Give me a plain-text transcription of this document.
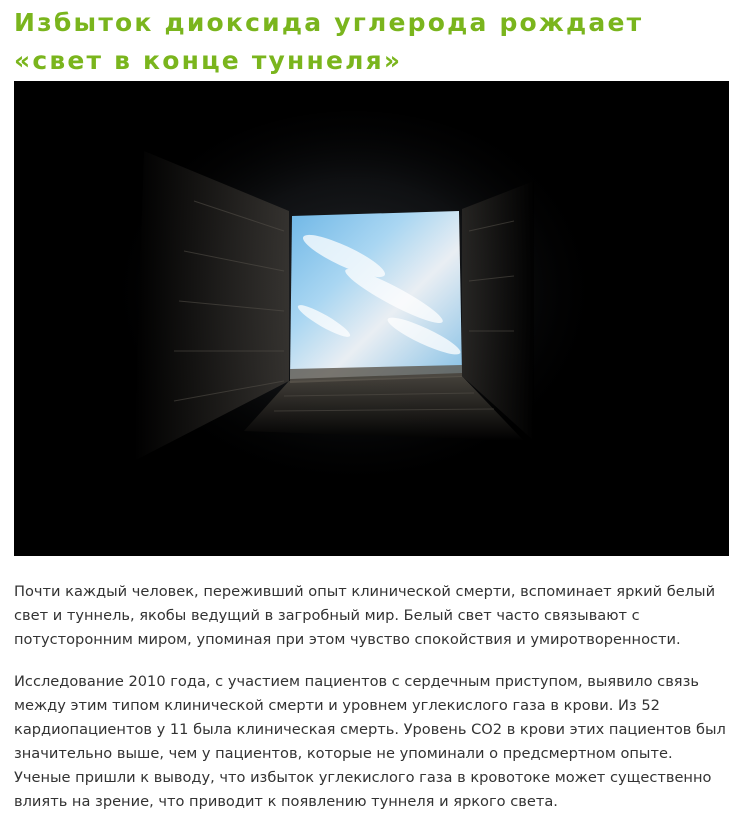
Избыток диоксида углерода рождает «свет в конце туннеля»

Почти каждый человек, переживший опыт клинической смерти, вспоминает яркий белый свет и туннель, якобы ведущий в загробный мир. Белый свет часто связывают с потусторонним миром, упоминая при этом чувство спокойствия и умиротворенности.

Исследование 2010 года, с участием пациентов с сердечным приступом, выявило связь между этим типом клинической смерти и уровнем углекислого газа в крови. Из 52 кардиопациентов у 11 была клиническая смерть. Уровень СО2 в крови этих пациентов был значительно выше, чем у пациентов, которые не упоминали о предсмертном опыте. Ученые пришли к выводу, что избыток углекислого газа в кровотоке может существенно влиять на зрение, что приводит к появлению туннеля и яркого света.
